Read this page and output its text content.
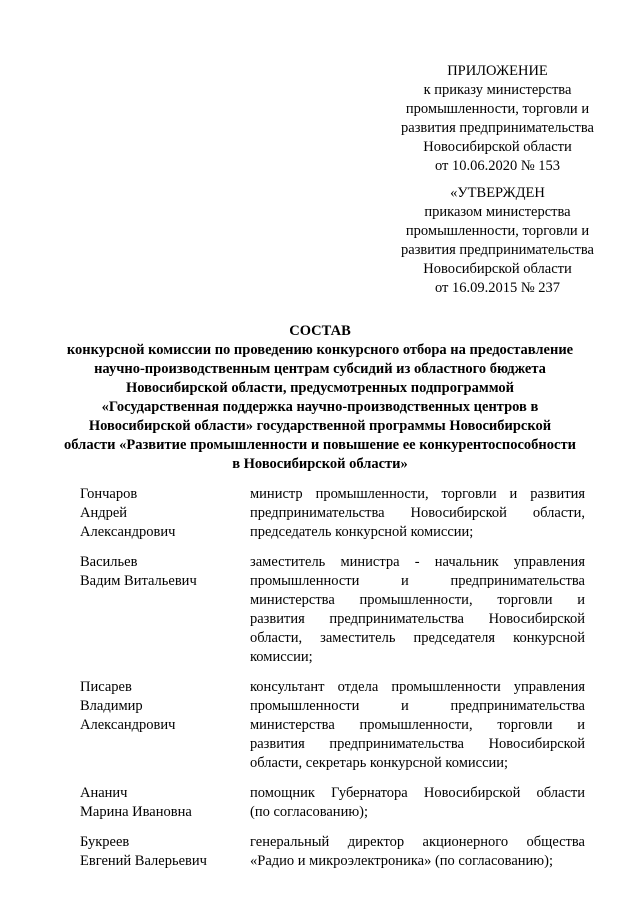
ПРИЛОЖЕНИЕ
к приказу министерства
промышленности, торговли и
развития предпринимательства
Новосибирской области
от 10.06.2020 № 153
«УТВЕРЖДЕН
приказом министерства
промышленности, торговли и
развития предпринимательства
Новосибирской области
от 16.09.2015 № 237
СОСТАВ
конкурсной комиссии по проведению конкурсного отбора на предоставление
научно-производственным центрам субсидий из областного бюджета
Новосибирской области, предусмотренных подпрограммой
«Государственная поддержка научно-производственных центров в
Новосибирской области» государственной программы Новосибирской
области «Развитие промышленности и повышение ее конкурентоспособности
в Новосибирской области»
Гончаров
Андрей
Александрович
министр промышленности, торговли и развития
предпринимательства Новосибирской области,
председатель конкурсной комиссии;
Васильев
Вадим Витальевич
заместитель министра - начальник управления
промышленности и предпринимательства
министерства промышленности, торговли и
развития предпринимательства Новосибирской
области, заместитель председателя конкурсной
комиссии;
Писарев
Владимир
Александрович
консультант отдела промышленности управления
промышленности и предпринимательства
министерства промышленности, торговли и
развития предпринимательства Новосибирской
области, секретарь конкурсной комиссии;
Ананич
Марина Ивановна
помощник Губернатора Новосибирской области
(по согласованию);
Букреев
Евгений Валерьевич
генеральный директор акционерного общества
«Радио и микроэлектроника» (по согласованию);
